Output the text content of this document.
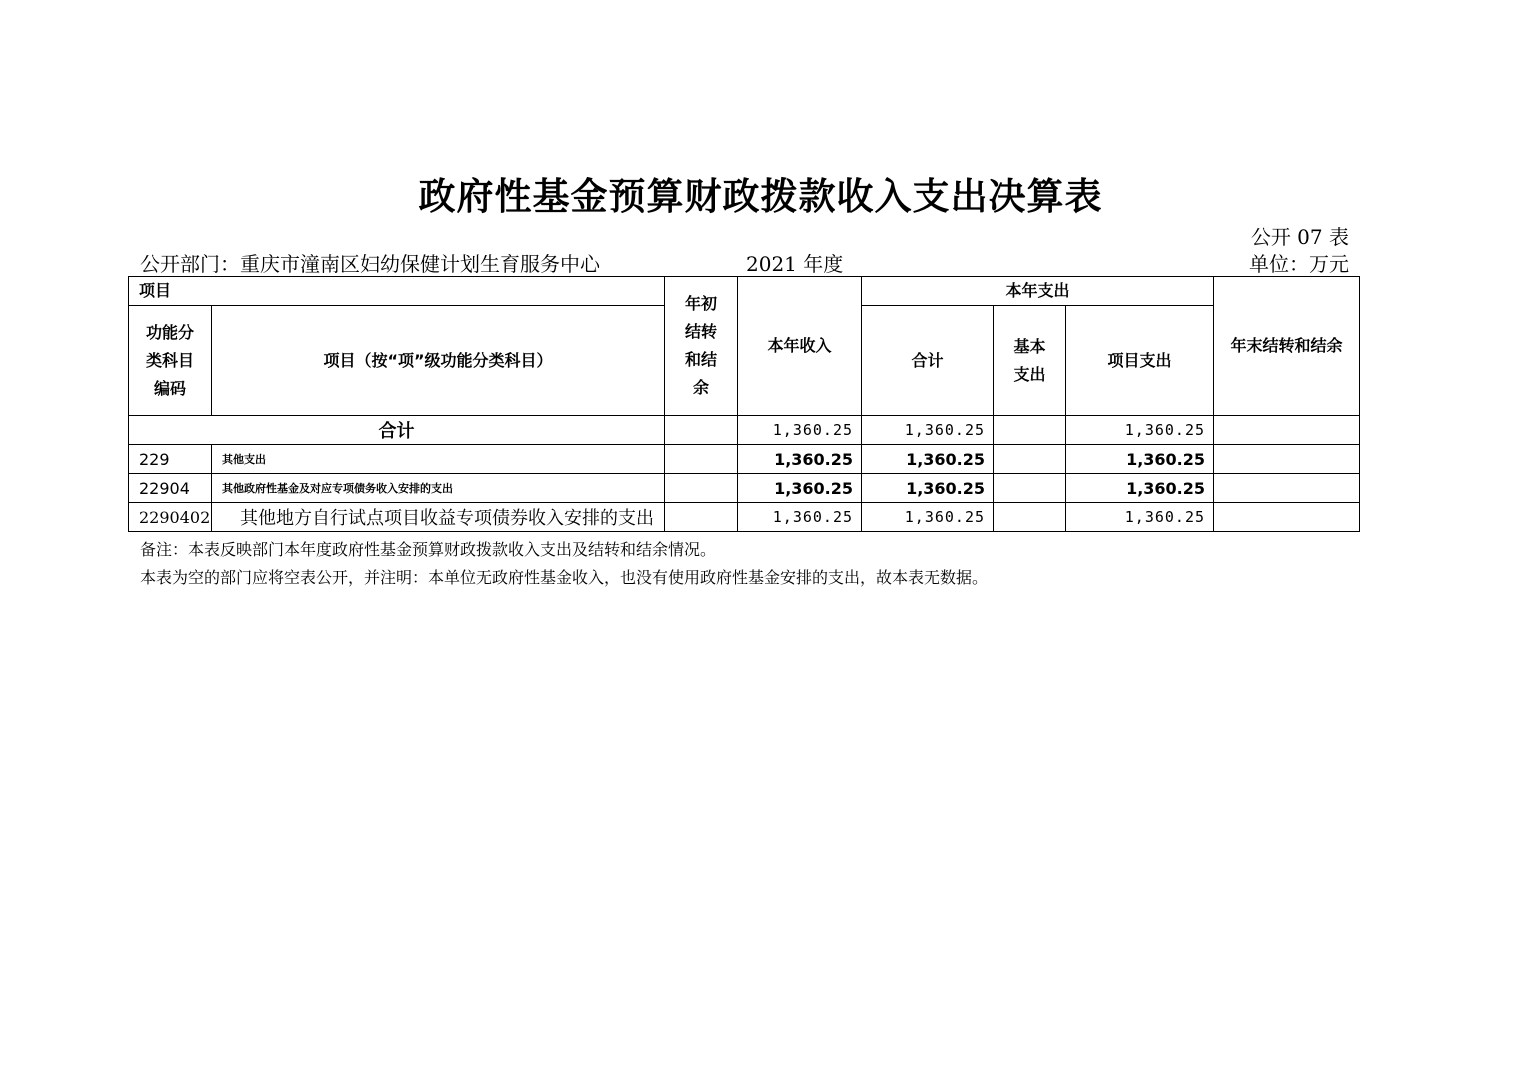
政府性基金预算财政拨款收入支出决算表
公开 07 表
公开部门：重庆市潼南区妇幼保健计划生育服务中心	2021 年度	单位：万元
项目		年初结转和结余	本年收入	本年支出			年末结转和结余
功能分类科目编码	项目（按“项”级功能分类科目）			合计	基本支出	项目支出	
合计			1,360.25	1,360.25		1,360.25	
229	其他支出		1,360.25	1,360.25		1,360.25	
22904	其他政府性基金及对应专项债务收入安排的支出		1,360.25	1,360.25		1,360.25	
2290402	其他地方自行试点项目收益专项债券收入安排的支出		1,360.25	1,360.25		1,360.25	
备注：本表反映部门本年度政府性基金预算财政拨款收入支出及结转和结余情况。
本表为空的部门应将空表公开，并注明：本单位无政府性基金收入，也没有使用政府性基金安排的支出，故本表无数据。
